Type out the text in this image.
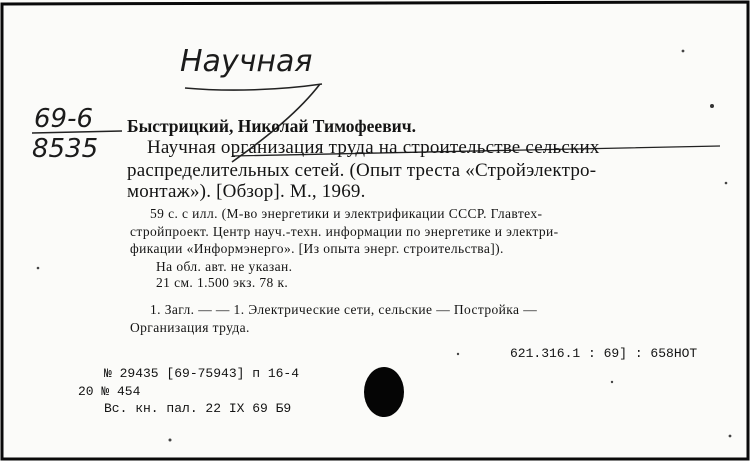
Научная
69-6
8535
Быстрицкий, Николай Тимофеевич.
Научная организация труда на строительстве сельских
распределительных сетей. (Опыт треста «Стройэлектро-
монтаж»). [Обзор]. М., 1969.
59 с. с илл. (М-во энергетики и электрификации СССР. Главтех-
стройпроект. Центр науч.-техн. информации по энергетике и электри-
фикации «Информэнерго». [Из опыта энерг. строительства]).
На обл. авт. не указан.
21 см. 1.500 экз. 78 к.
1. Загл. — — 1. Электрические сети, сельские — Постройка —
Организация труда.
621.316.1 : 69] : 658НОТ
№ 29435 [69-75943] п 16-4
20 № 454
Вс. кн. пал. 22 IX 69 Б9
